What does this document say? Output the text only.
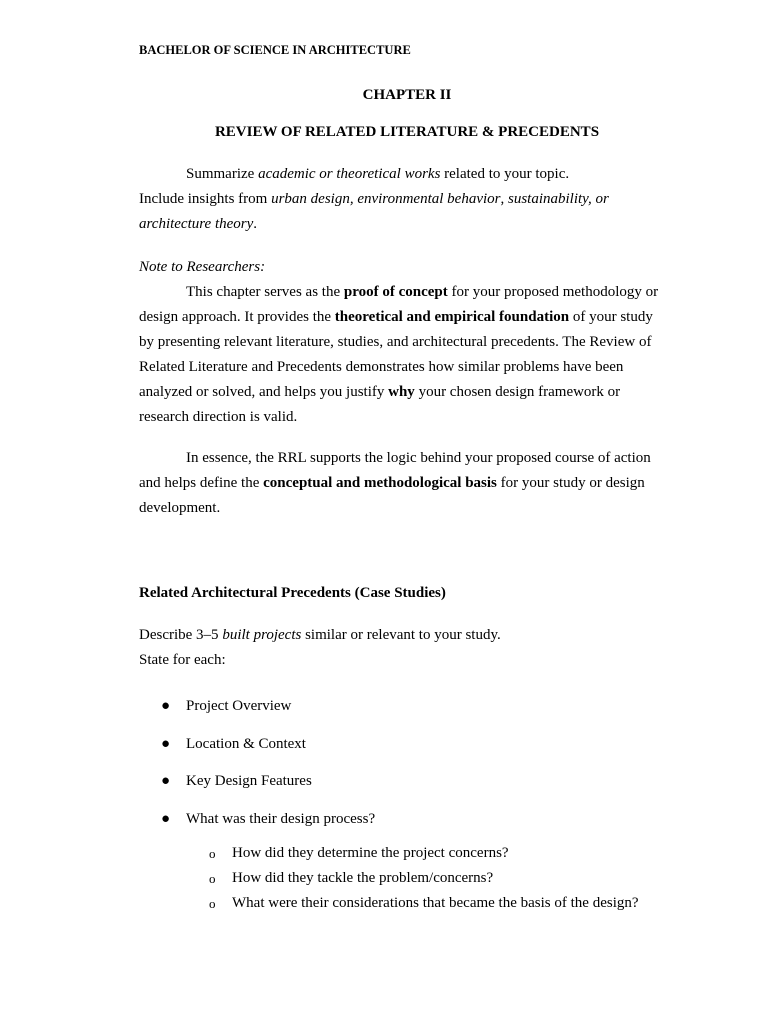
BACHELOR OF SCIENCE IN ARCHITECTURE
CHAPTER II
REVIEW OF RELATED LITERATURE & PRECEDENTS
Summarize academic or theoretical works related to your topic.
Include insights from urban design, environmental behavior, sustainability, or
architecture theory.
Note to Researchers:
This chapter serves as the proof of concept for your proposed methodology or
design approach. It provides the theoretical and empirical foundation of your study
by presenting relevant literature, studies, and architectural precedents. The Review of
Related Literature and Precedents demonstrates how similar problems have been
analyzed or solved, and helps you justify why your chosen design framework or
research direction is valid.
In essence, the RRL supports the logic behind your proposed course of action
and helps define the conceptual and methodological basis for your study or design
development.
Related Architectural Precedents (Case Studies)
Describe 3–5 built projects similar or relevant to your study.
State for each:
● Project Overview
● Location & Context
● Key Design Features
● What was their design process?
o How did they determine the project concerns?
o How did they tackle the problem/concerns?
o What were their considerations that became the basis of the design?
